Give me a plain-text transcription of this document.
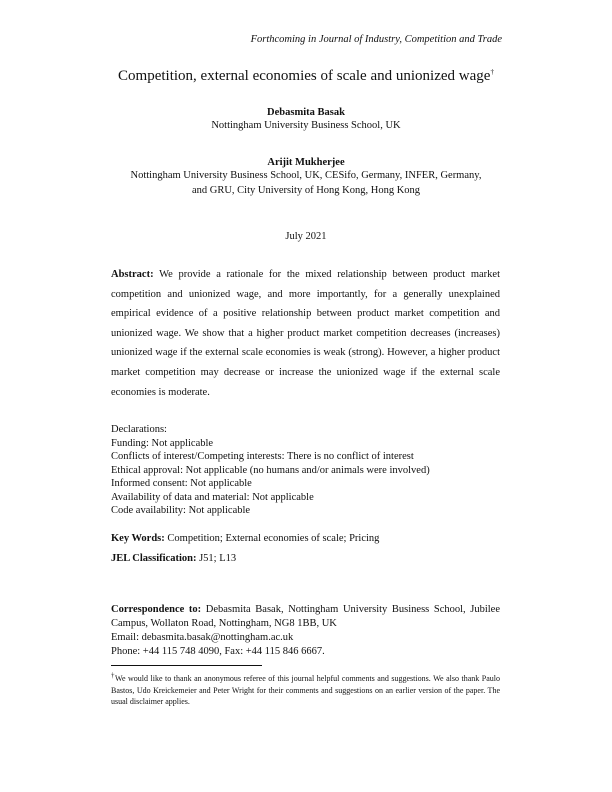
Forthcoming in Journal of Industry, Competition and Trade
Competition, external economies of scale and unionized wage†
Debasmita Basak
Nottingham University Business School, UK
Arijit Mukherjee
Nottingham University Business School, UK, CESifo, Germany, INFER, Germany,
and GRU, City University of Hong Kong, Hong Kong
July 2021
Abstract: We provide a rationale for the mixed relationship between product market competition and unionized wage, and more importantly, for a generally unexplained empirical evidence of a positive relationship between product market competition and unionized wage. We show that a higher product market competition decreases (increases) unionized wage if the external scale economies is weak (strong). However, a higher product market competition may decrease or increase the unionized wage if the external scale economies is moderate.
Declarations:
Funding: Not applicable
Conflicts of interest/Competing interests: There is no conflict of interest
Ethical approval: Not applicable (no humans and/or animals were involved)
Informed consent: Not applicable
Availability of data and material: Not applicable
Code availability: Not applicable
Key Words: Competition; External economies of scale; Pricing
JEL Classification: J51; L13
Correspondence to: Debasmita Basak, Nottingham University Business School, Jubilee Campus, Wollaton Road, Nottingham, NG8 1BB, UK
Email: debasmita.basak@nottingham.ac.uk
Phone: +44 115 748 4090, Fax: +44 115 846 6667.
†We would like to thank an anonymous referee of this journal helpful comments and suggestions. We also thank Paulo Bastos, Udo Kreickemeier and Peter Wright for their comments and suggestions on an earlier version of the paper. The usual disclaimer applies.
